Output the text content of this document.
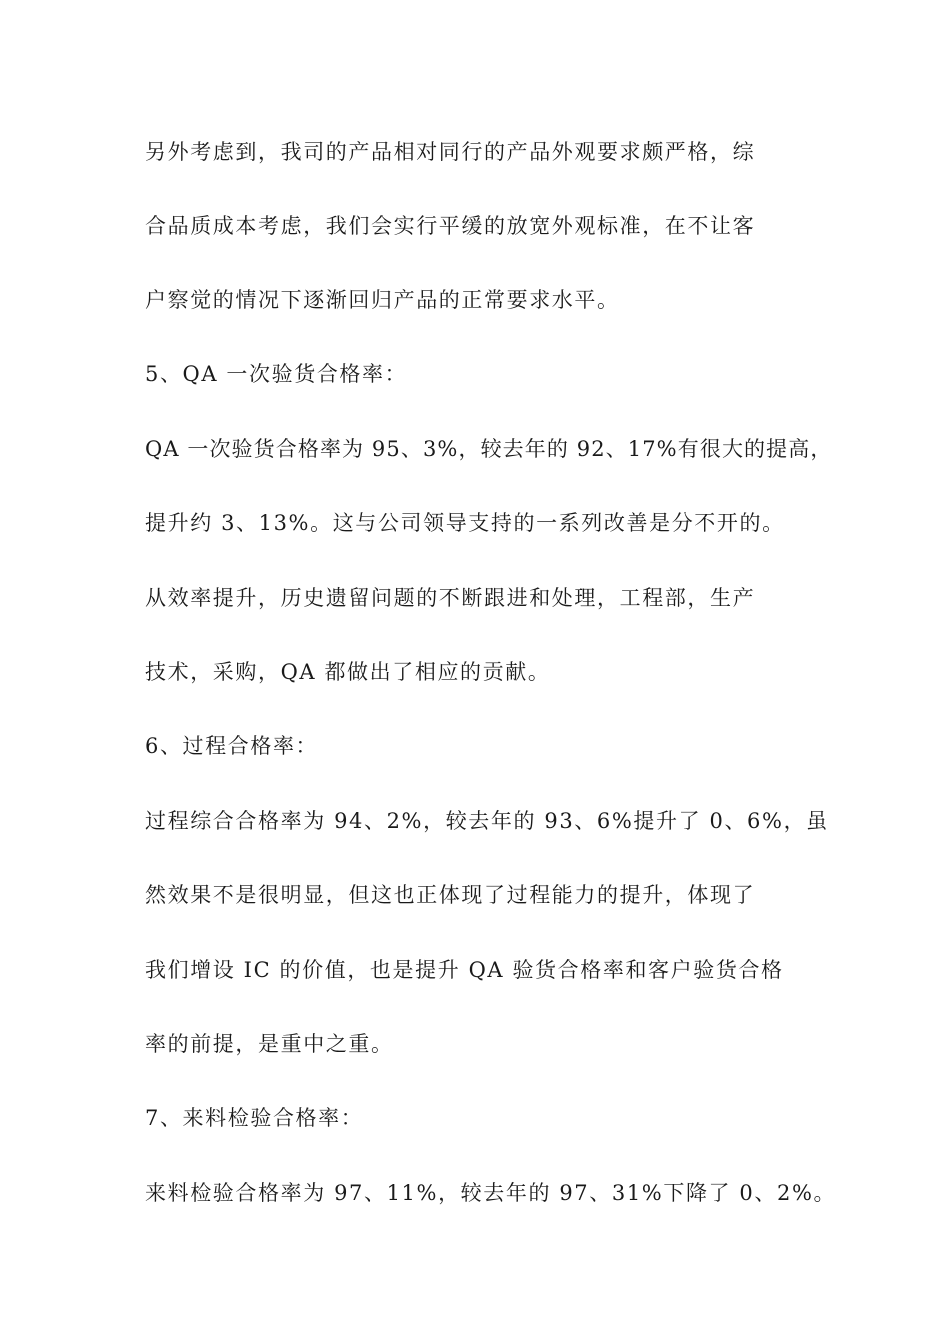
另外考虑到，我司的产品相对同行的产品外观要求颇严格，综
合品质成本考虑，我们会实行平缓的放宽外观标准，在不让客
户察觉的情况下逐渐回归产品的正常要求水平。
5、QA 一次验货合格率：
QA 一次验货合格率为 95、3%，较去年的 92、17%有很大的提高，
提升约 3、13%。这与公司领导支持的一系列改善是分不开的。
从效率提升，历史遗留问题的不断跟进和处理，工程部，生产
技术，采购，QA 都做出了相应的贡献。
6、过程合格率：
过程综合合格率为 94、2%，较去年的 93、6%提升了 0、6%，虽
然效果不是很明显，但这也正体现了过程能力的提升，体现了
我们增设 IC 的价值，也是提升 QA 验货合格率和客户验货合格
率的前提，是重中之重。
7、来料检验合格率：
来料检验合格率为 97、11%，较去年的 97、31%下降了 0、2%。
